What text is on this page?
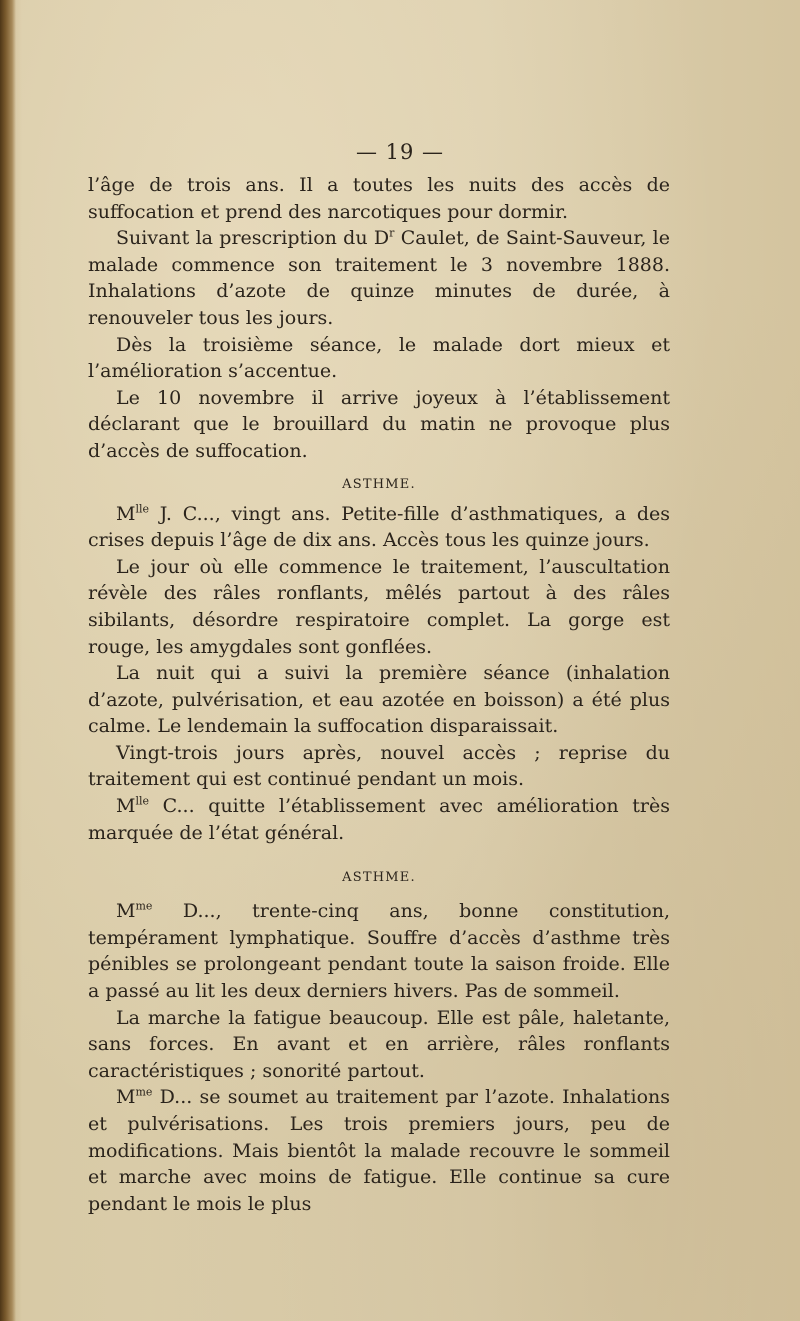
— 19 —

l’âge de trois ans. Il a toutes les nuits des accès de suffocation et prend des narcotiques pour dormir.

Suivant la prescription du $D^r$ Caulet, de Saint-Sauveur, le malade commence son traitement le 3 novembre 1888. Inhalations d’azote de quinze minutes de durée, à renouveler tous les jours.

Dès la troisième séance, le malade dort mieux et l’amélioration s’accentue.

Le 10 novembre il arrive joyeux à l’établissement déclarant que le brouillard du matin ne provoque plus d’accès de suffocation.

ASTHME.

$M^{lle}$ J. C..., vingt ans. Petite-fille d’asthmatiques, a des crises depuis l’âge de dix ans. Accès tous les quinze jours.

Le jour où elle commence le traitement, l’auscultation révèle des râles ronflants, mêlés partout à des râles sibilants, désordre respiratoire complet. La gorge est rouge, les amygdales sont gonflées.

La nuit qui a suivi la première séance (inhalation d’azote, pulvérisation, et eau azotée en boisson) a été plus calme. Le lendemain la suffocation disparaissait.

Vingt-trois jours après, nouvel accès ; reprise du traitement qui est continué pendant un mois.

$M^{lle}$ C... quitte l’établissement avec amélioration très marquée de l’état général.

ASTHME.

$M^{me}$ D..., trente-cinq ans, bonne constitution, tempérament lymphatique. Souffre d’accès d’asthme très pénibles se prolongeant pendant toute la saison froide. Elle a passé au lit les deux derniers hivers. Pas de sommeil.

La marche la fatigue beaucoup. Elle est pâle, haletante, sans forces. En avant et en arrière, râles ronflants caractéristiques ; sonorité partout.

$M^{me}$ D... se soumet au traitement par l’azote. Inhalations et pulvérisations. Les trois premiers jours, peu de modifications. Mais bientôt la malade recouvre le sommeil et marche avec moins de fatigue. Elle continue sa cure pendant le mois le plus
